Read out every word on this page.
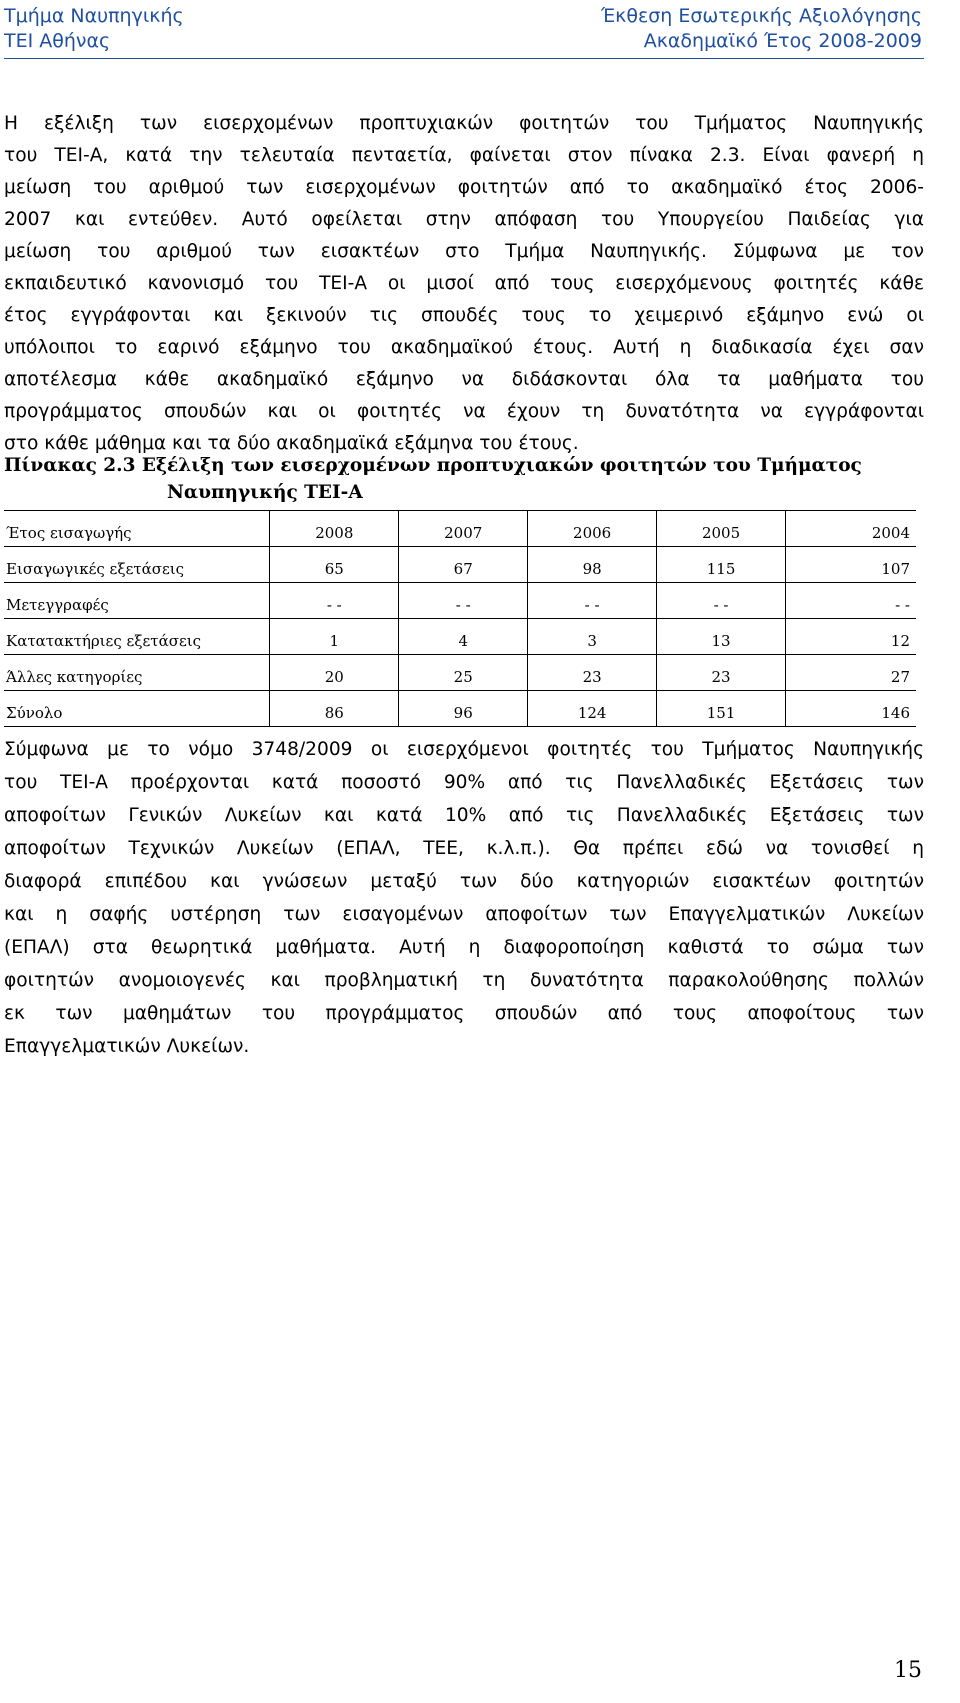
Τμήμα Ναυπηγικής
ΤΕΙ Αθήνας
Έκθεση Εσωτερικής Αξιολόγησης
Ακαδημαϊκό Έτος 2008-2009
Η εξέλιξη των εισερχομένων προπτυχιακών φοιτητών του Τμήματος Ναυπηγικής
του ΤΕΙ-Α, κατά την τελευταία πενταετία, φαίνεται στον πίνακα 2.3. Είναι φανερή η
μείωση του αριθμού των εισερχομένων φοιτητών από το ακαδημαϊκό έτος 2006-
2007 και εντεύθεν. Αυτό οφείλεται στην απόφαση του Υπουργείου Παιδείας για
μείωση του αριθμού των εισακτέων στο Τμήμα Ναυπηγικής. Σύμφωνα με τον
εκπαιδευτικό κανονισμό του ΤΕΙ-Α οι μισοί από τους εισερχόμενους φοιτητές κάθε
έτος εγγράφονται και ξεκινούν τις σπουδές τους το χειμερινό εξάμηνο ενώ οι
υπόλοιποι το εαρινό εξάμηνο του ακαδημαϊκού έτους. Αυτή η διαδικασία έχει σαν
αποτέλεσμα κάθε ακαδημαϊκό εξάμηνο να διδάσκονται όλα τα μαθήματα του
προγράμματος σπουδών και οι φοιτητές να έχουν τη δυνατότητα να εγγράφονται
στο κάθε μάθημα και τα δύο ακαδημαϊκά εξάμηνα του έτους.
Πίνακας 2.3 Εξέλιξη των εισερχομένων προπτυχιακών φοιτητών του Τμήματος
Ναυπηγικής ΤΕΙ-Α
Έτος εισαγωγής	2008	2007	2006	2005	2004
Εισαγωγικές εξετάσεις	65	67	98	115	107
Μετεγγραφές	- -	- -	- -	- -	- -
Κατατακτήριες εξετάσεις	1	4	3	13	12
Άλλες κατηγορίες	20	25	23	23	27
Σύνολο	86	96	124	151	146
Σύμφωνα με το νόμο 3748/2009 οι εισερχόμενοι φοιτητές του Τμήματος Ναυπηγικής
του ΤΕΙ-Α προέρχονται κατά ποσοστό 90% από τις Πανελλαδικές Εξετάσεις των
αποφοίτων Γενικών Λυκείων και κατά 10% από τις Πανελλαδικές Εξετάσεις των
αποφοίτων Τεχνικών Λυκείων (ΕΠΑΛ, ΤΕΕ, κ.λ.π.). Θα πρέπει εδώ να τονισθεί η
διαφορά επιπέδου και γνώσεων μεταξύ των δύο κατηγοριών εισακτέων φοιτητών
και η σαφής υστέρηση των εισαγομένων αποφοίτων των Επαγγελματικών Λυκείων
(ΕΠΑΛ) στα θεωρητικά μαθήματα. Αυτή η διαφοροποίηση καθιστά το σώμα των
φοιτητών ανομοιογενές και προβληματική τη δυνατότητα παρακολούθησης πολλών
εκ των μαθημάτων του προγράμματος σπουδών από τους αποφοίτους των
Επαγγελματικών Λυκείων.
15
